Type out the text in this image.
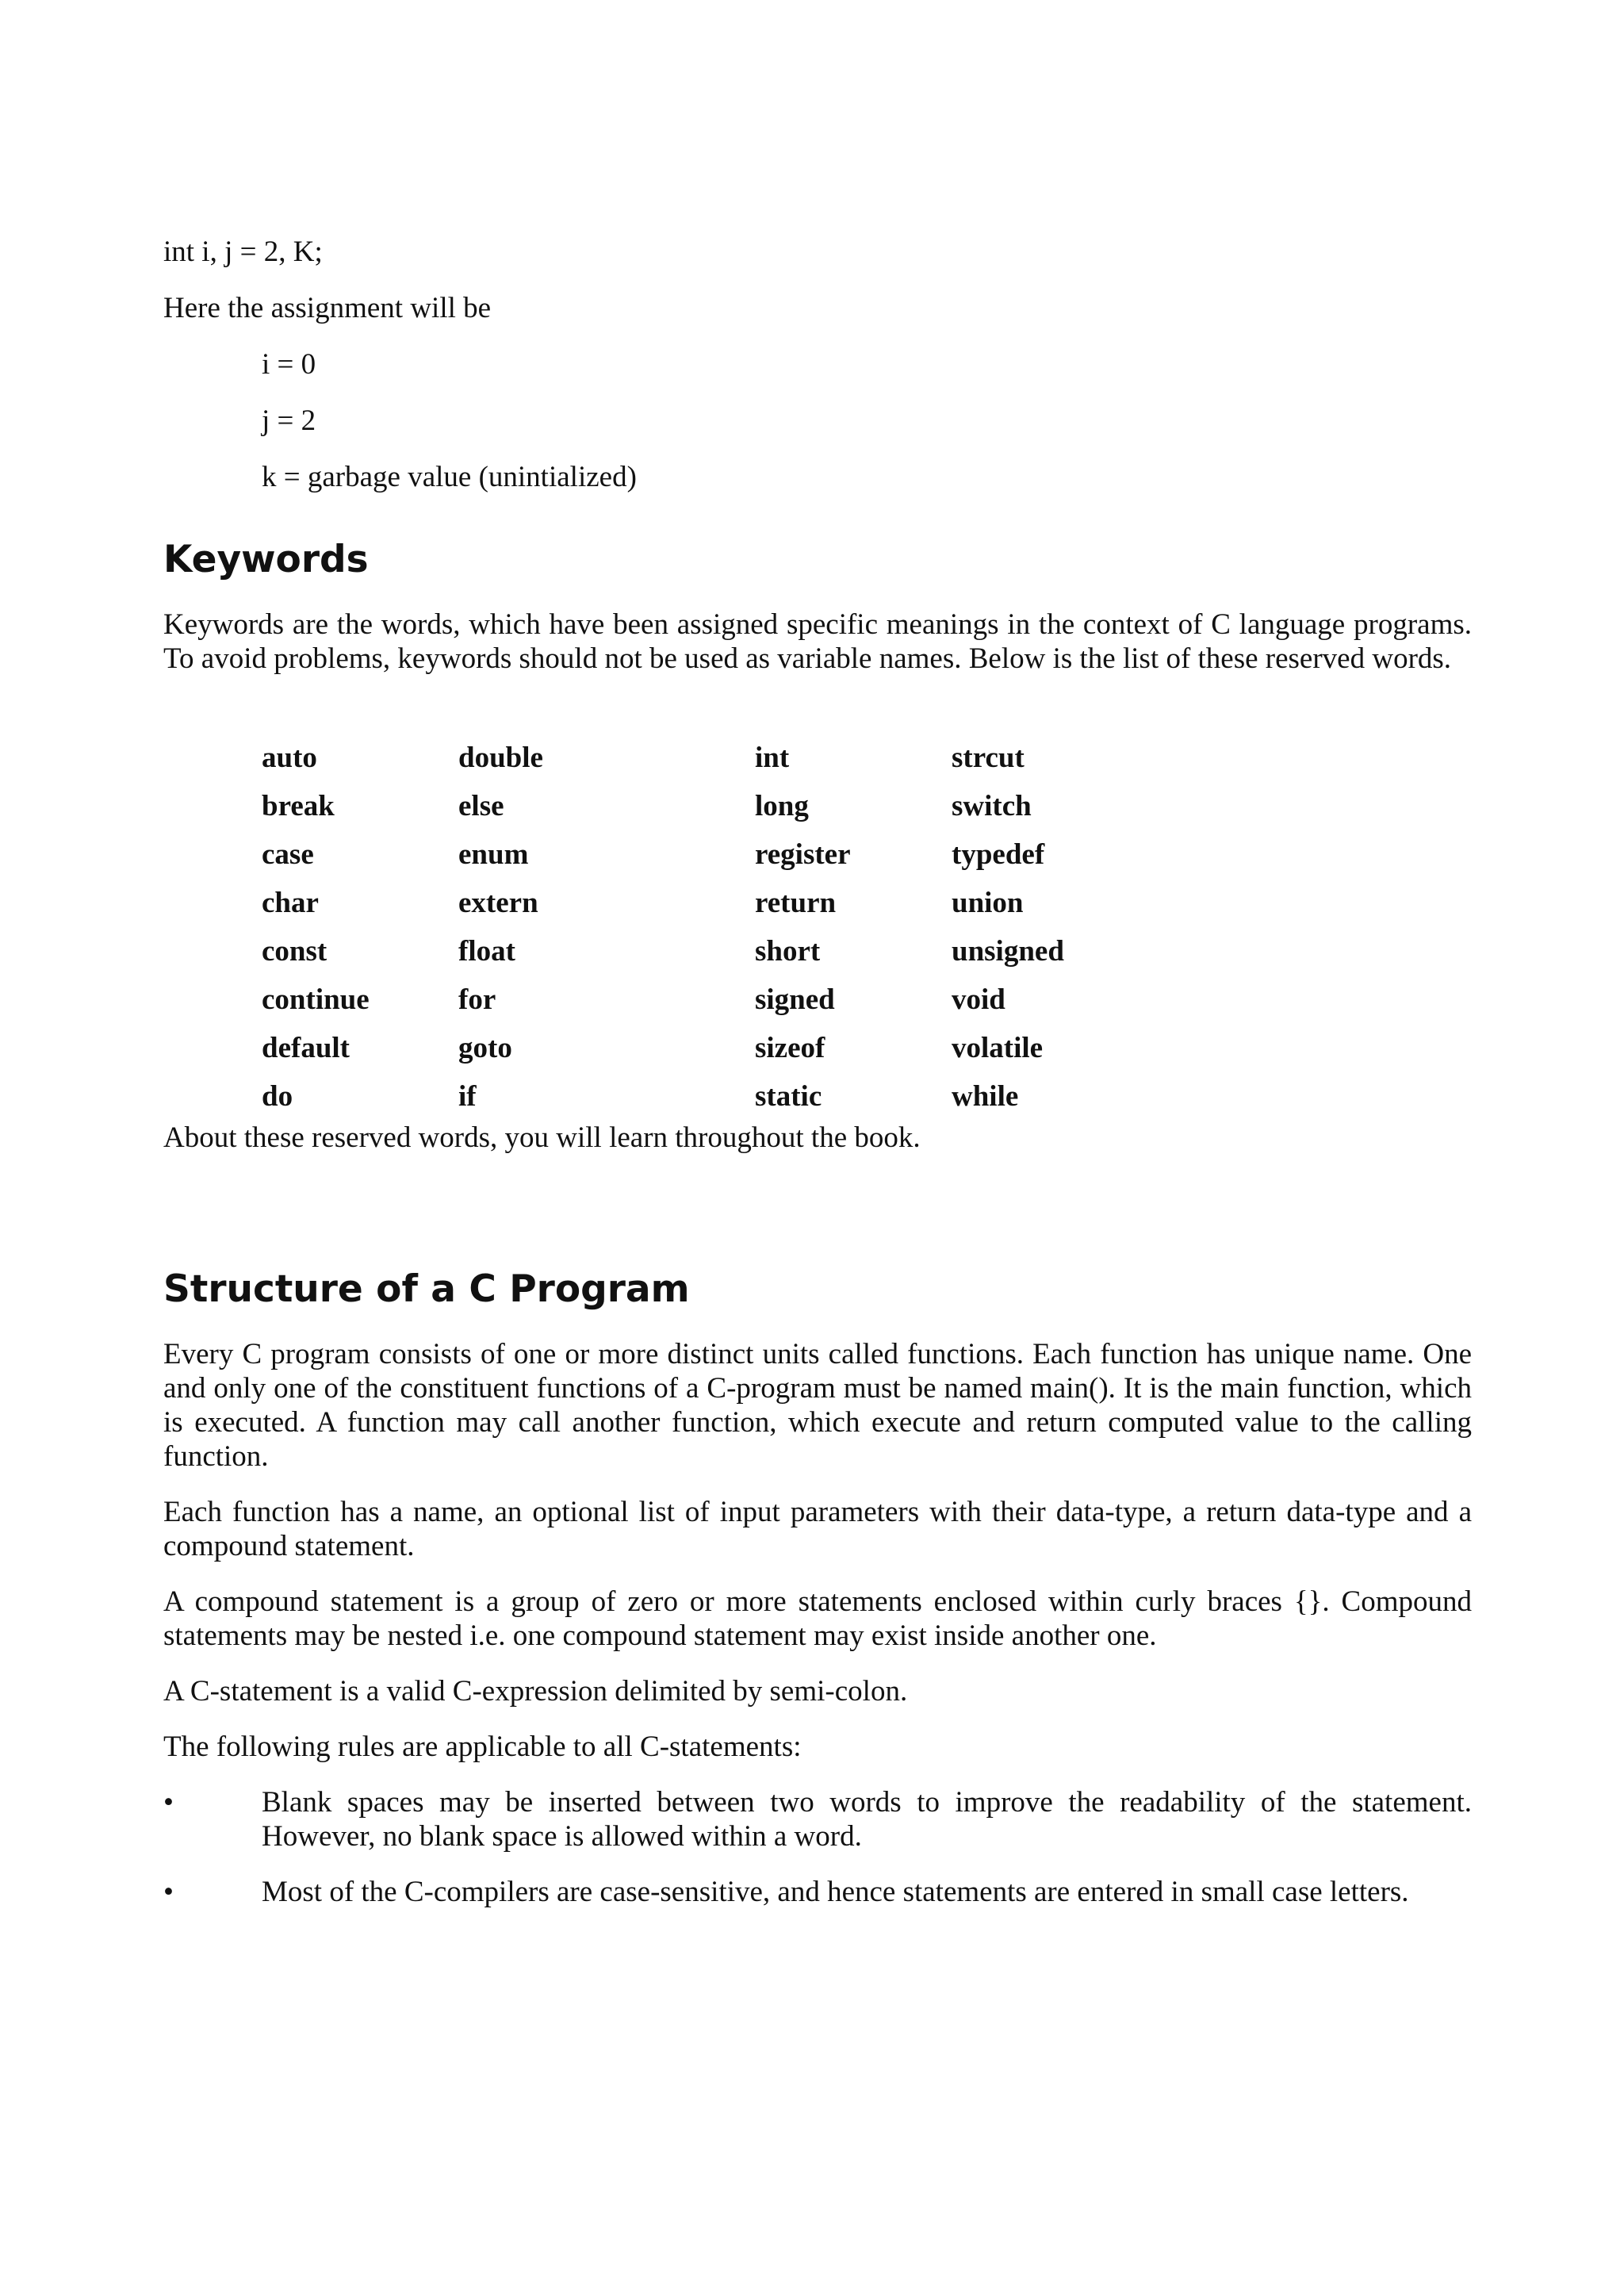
int i, j = 2, K;

Here the assignment will be

i = 0

j = 2

k = garbage value (unintialized)

Keywords

Keywords are the words, which have been assigned specific meanings in the context of C language programs. To avoid problems, keywords should not be used as variable names. Below is the list of these reserved words.

auto	double	int	strcut
break	else	long	switch
case	enum	register	typedef
char	extern	return	union
const	float	short	unsigned
continue	for	signed	void
default	goto	sizeof	volatile
do	if	static	while

About these reserved words, you will learn throughout the book.

Structure of a C Program

Every C program consists of one or more distinct units called functions. Each function has unique name. One and only one of the constituent functions of a C-program must be named main(). It is the main function, which is executed. A function may call another function, which execute and return computed value to the calling function.

Each function has a name, an optional list of input parameters with their data-type, a return data-type and a compound statement.

A compound statement is a group of zero or more statements enclosed within curly braces {}. Compound statements may be nested i.e. one compound statement may exist inside another one.

A C-statement is a valid C-expression delimited by semi-colon.

The following rules are applicable to all C-statements:

•	Blank spaces may be inserted between two words to improve the readability of the statement. However, no blank space is allowed within a word.
•	Most of the C-compilers are case-sensitive, and hence statements are entered in small case letters.
